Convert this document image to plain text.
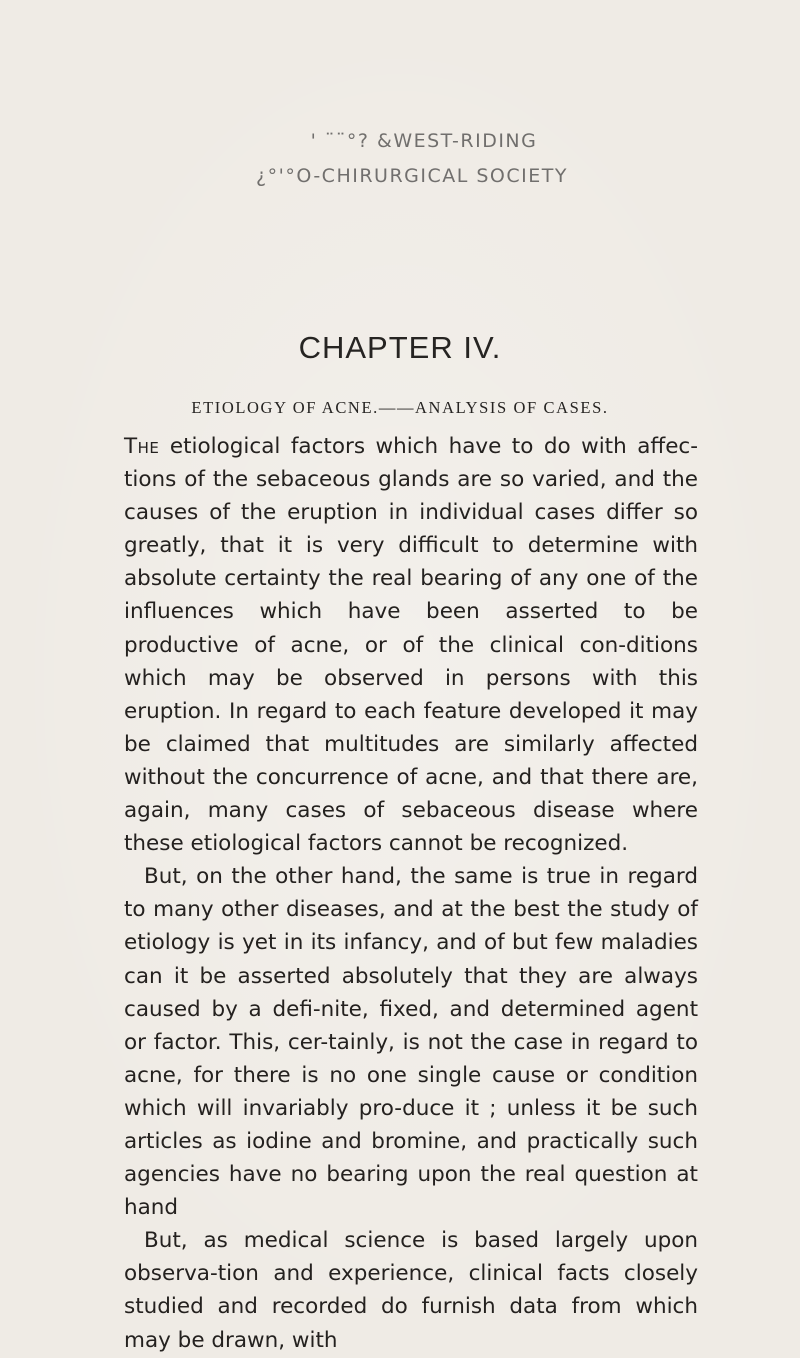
' ¨¨°? &WEST-RIDING
¿°'°O-CHIRURGICAL SOCIETY
CHAPTER IV.
ETIOLOGY OF ACNE.——ANALYSIS OF CASES.

The etiological factors which have to do with affec-tions of the sebaceous glands are so varied, and the causes of the eruption in individual cases differ so greatly, that it is very difficult to determine with absolute certainty the real bearing of any one of the influences which have been asserted to be productive of acne, or of the clinical con-ditions which may be observed in persons with this eruption. In regard to each feature developed it may be claimed that multitudes are similarly affected without the concurrence of acne, and that there are, again, many cases of sebaceous disease where these etiological factors cannot be recognized.

But, on the other hand, the same is true in regard to many other diseases, and at the best the study of etiology is yet in its infancy, and of but few maladies can it be asserted absolutely that they are always caused by a defi-nite, fixed, and determined agent or factor. This, cer-tainly, is not the case in regard to acne, for there is no one single cause or condition which will invariably pro-duce it ; unless it be such articles as iodine and bromine, and practically such agencies have no bearing upon the real question at hand

But, as medical science is based largely upon observa-tion and experience, clinical facts closely studied and recorded do furnish data from which may be drawn, with
